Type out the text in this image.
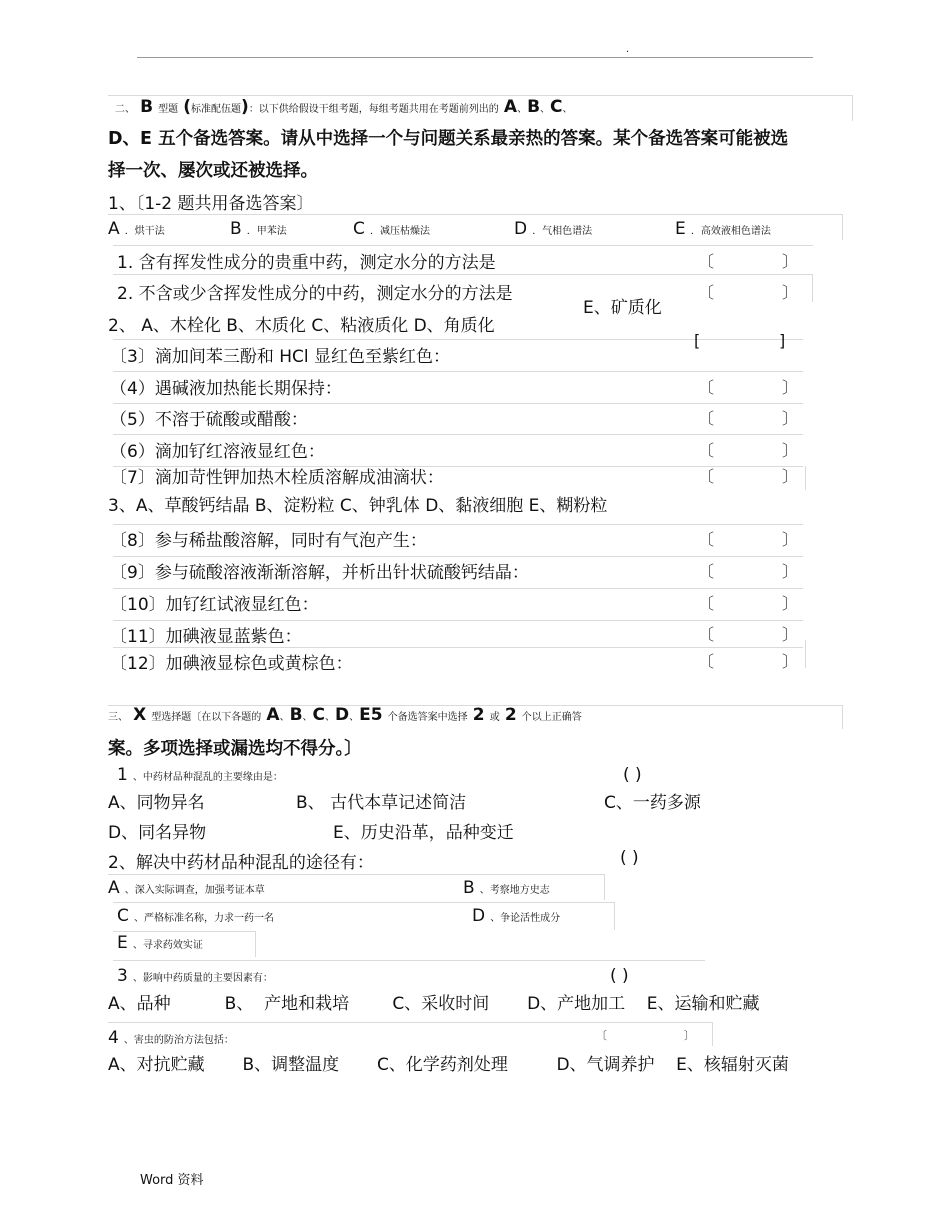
.
二、 B 型题 (标准配伍题)：以下供给假设干组考题，每组考题共用在考题前列出的 A、B、C、
D、E 五个备选答案。请从中选择一个与问题关系最亲热的答案。某个备选答案可能被选
择一次、屡次或还被选择。
1、〔1-2 题共用备选答案〕
A ．烘干法	B ．甲苯法	C ．减压枯燥法	D ．气相色谱法	E ．高效液相色谱法
1. 含有挥发性成分的贵重中药，测定水分的方法是	〔	〕
2. 不含或少含挥发性成分的中药，测定水分的方法是	〔	〕
2、 A、木栓化 B、木质化 C、粘液质化 D、角质化
E、矿质化
[	]
〔3〕滴加间苯三酚和 HCl 显红色至紫红色：
（4）遇碱液加热能长期保持：	〔	〕
（5）不溶于硫酸或醋酸：	〔	〕
（6）滴加钌红溶液显红色：	〔	〕
〔7〕滴加苛性钾加热木栓质溶解成油滴状：	〔	〕
3、A、草酸钙结晶 B、淀粉粒 C、钟乳体 D、黏液细胞 E、糊粉粒
〔8〕参与稀盐酸溶解，同时有气泡产生：	〔	〕
〔9〕参与硫酸溶液渐渐溶解，并析出针状硫酸钙结晶：	〔	〕
〔10〕加钌红试液显红色：	〔	〕
〔11〕加碘液显蓝紫色：	〔	〕
〔12〕加碘液显棕色或黄棕色：	〔	〕
三、 X 型选择题〔在以下各题的 A、B、C、D、E5 个备选答案中选择 2 或 2 个以上正确答
案。多项选择或漏选均不得分。〕
1 、中药材品种混乱的主要缘由是：	( )
A、同物异名	B、 古代本草记述简洁	C、一药多源
D、同名异物	E、历史沿革，品种变迁
2、解决中药材品种混乱的途径有：	( )
A 、深入实际调查，加强考证本草	B 、考察地方史志
C 、严格标准名称，力求一药一名	D 、争论活性成分
E 、寻求药效实证
3 、影响中药质量的主要因素有：	( )
A、品种          B、  产地和栽培        C、采收时间       D、产地加工    E、运输和贮藏
4 、害虫的防治方法包括：	〔                      〕
A、对抗贮藏       B、调整温度       C、化学药剂处理         D、气调养护    E、核辐射灭菌
Word 资料
